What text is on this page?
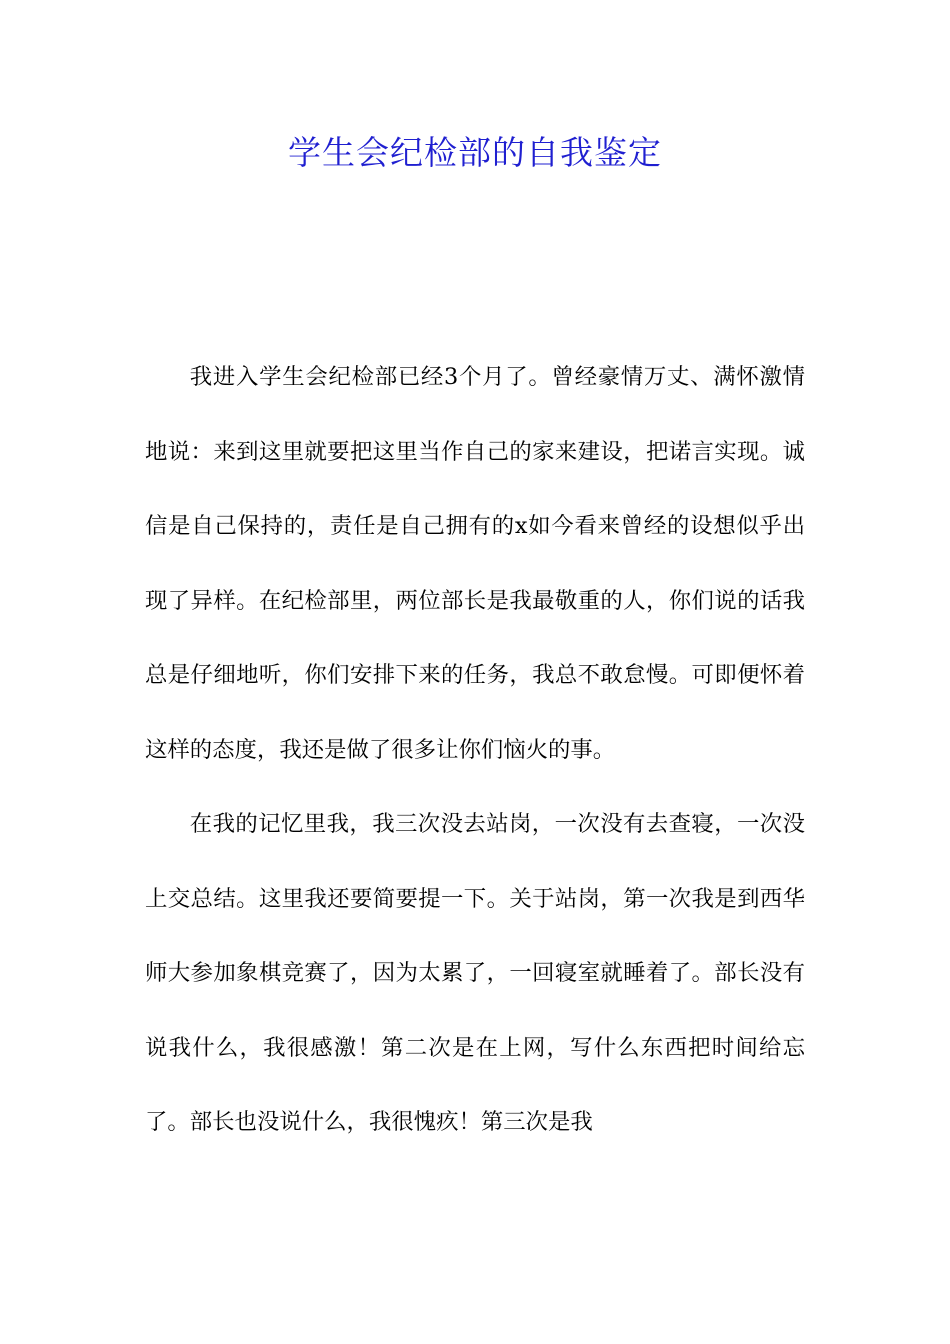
学生会纪检部的自我鉴定

我进入学生会纪检部已经3个月了。曾经豪情万丈、满怀激情地说：来到这里就要把这里当作自己的家来建设，把诺言实现。诚信是自己保持的，责任是自己拥有的x如今看来曾经的设想似乎出现了异样。在纪检部里，两位部长是我最敬重的人，你们说的话我总是仔细地听，你们安排下来的任务，我总不敢怠慢。可即便怀着这样的态度，我还是做了很多让你们恼火的事。

在我的记忆里我，我三次没去站岗，一次没有去查寝，一次没上交总结。这里我还要简要提一下。关于站岗，第一次我是到西华师大参加象棋竞赛了，因为太累了，一回寝室就睡着了。部长没有说我什么，我很感激！第二次是在上网，写什么东西把时间给忘了。部长也没说什么，我很愧疚！第三次是我
